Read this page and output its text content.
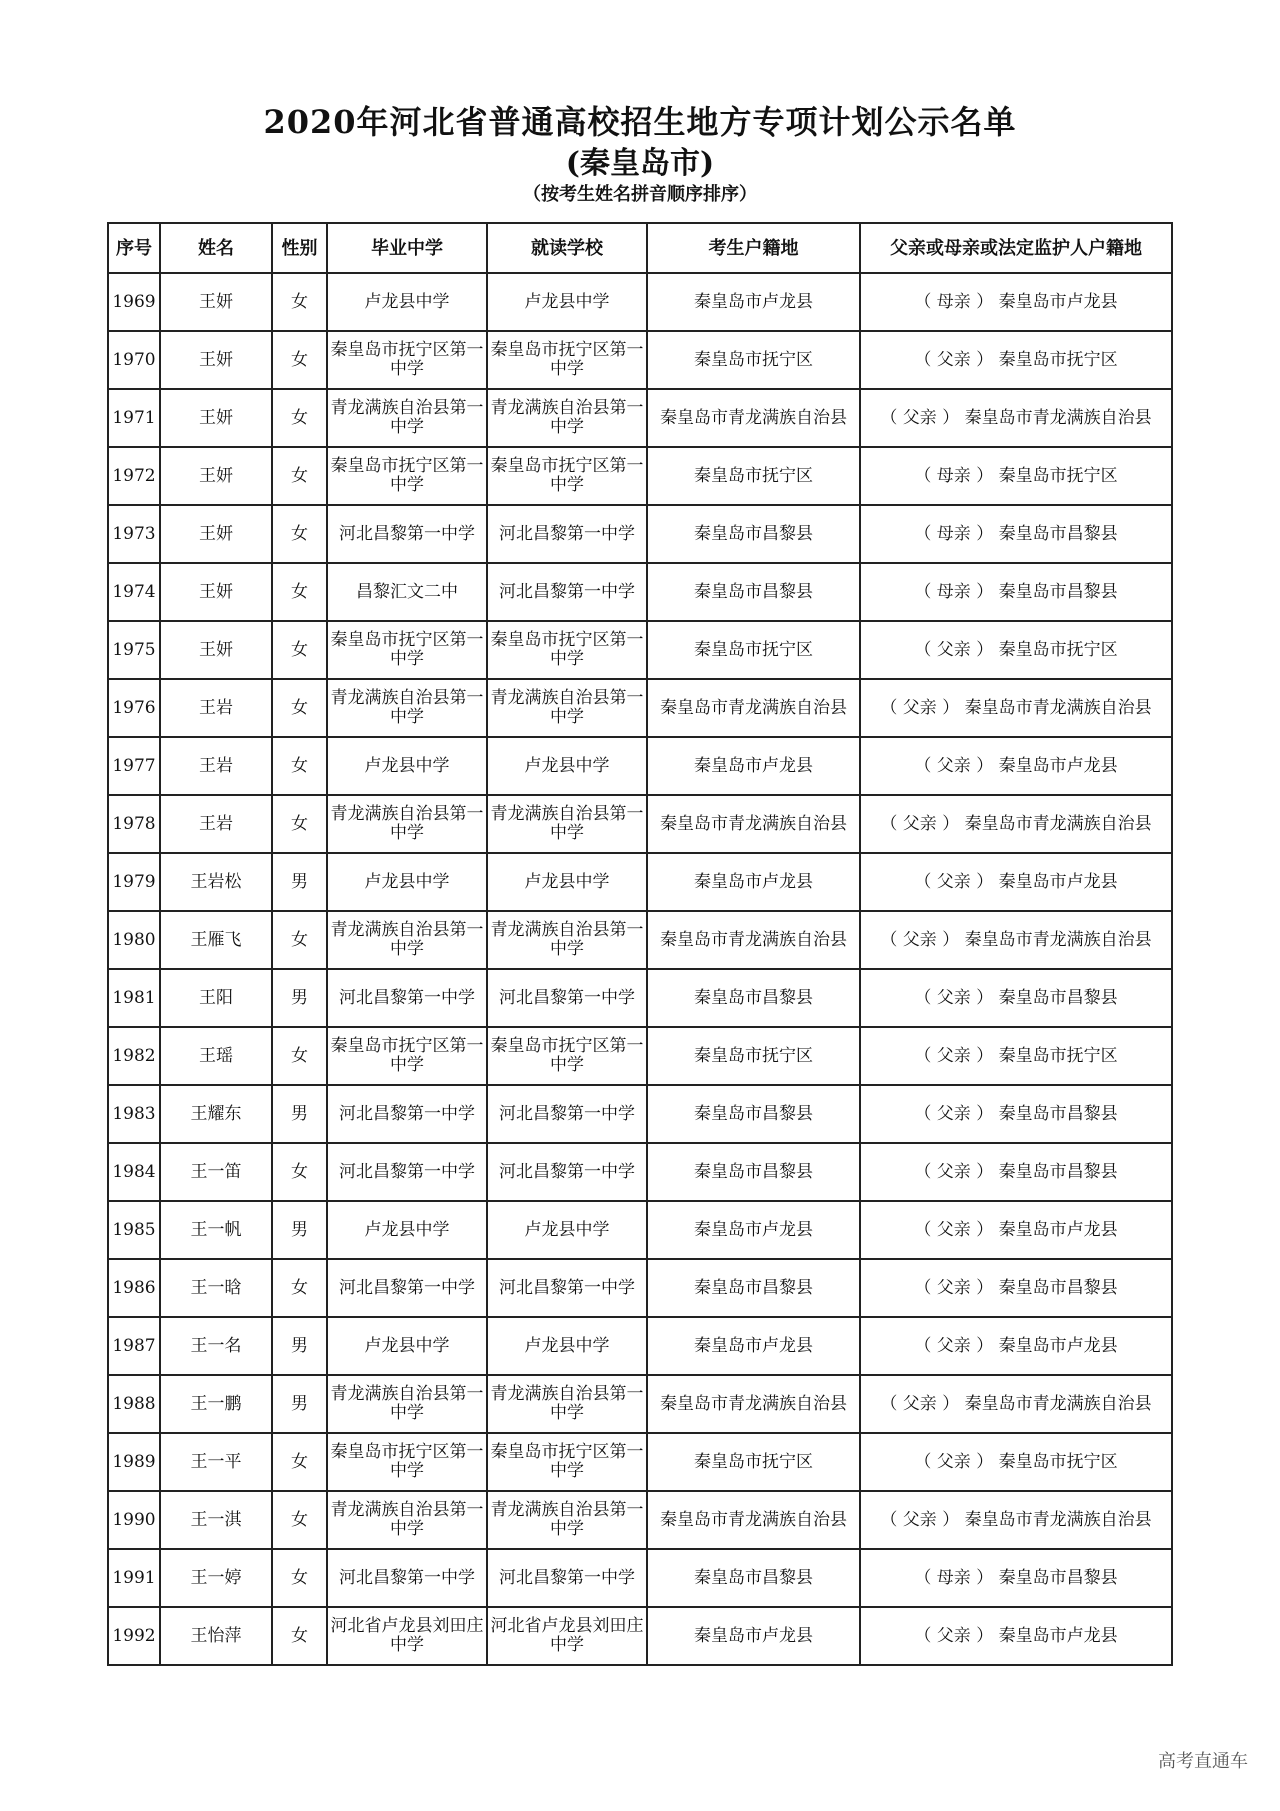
2020年河北省普通高校招生地方专项计划公示名单
(秦皇岛市)
（按考生姓名拼音顺序排序）
序号	姓名	性别	毕业中学	就读学校	考生户籍地	父亲或母亲或法定监护人户籍地
1969	王妍	女	卢龙县中学	卢龙县中学	秦皇岛市卢龙县	（ 母亲 ） 秦皇岛市卢龙县
1970	王妍	女	秦皇岛市抚宁区第一中学	秦皇岛市抚宁区第一中学	秦皇岛市抚宁区	（ 父亲 ） 秦皇岛市抚宁区
1971	王妍	女	青龙满族自治县第一中学	青龙满族自治县第一中学	秦皇岛市青龙满族自治县	（ 父亲 ） 秦皇岛市青龙满族自治县
1972	王妍	女	秦皇岛市抚宁区第一中学	秦皇岛市抚宁区第一中学	秦皇岛市抚宁区	（ 母亲 ） 秦皇岛市抚宁区
1973	王妍	女	河北昌黎第一中学	河北昌黎第一中学	秦皇岛市昌黎县	（ 母亲 ） 秦皇岛市昌黎县
1974	王妍	女	昌黎汇文二中	河北昌黎第一中学	秦皇岛市昌黎县	（ 母亲 ） 秦皇岛市昌黎县
1975	王妍	女	秦皇岛市抚宁区第一中学	秦皇岛市抚宁区第一中学	秦皇岛市抚宁区	（ 父亲 ） 秦皇岛市抚宁区
1976	王岩	女	青龙满族自治县第一中学	青龙满族自治县第一中学	秦皇岛市青龙满族自治县	（ 父亲 ） 秦皇岛市青龙满族自治县
1977	王岩	女	卢龙县中学	卢龙县中学	秦皇岛市卢龙县	（ 父亲 ） 秦皇岛市卢龙县
1978	王岩	女	青龙满族自治县第一中学	青龙满族自治县第一中学	秦皇岛市青龙满族自治县	（ 父亲 ） 秦皇岛市青龙满族自治县
1979	王岩松	男	卢龙县中学	卢龙县中学	秦皇岛市卢龙县	（ 父亲 ） 秦皇岛市卢龙县
1980	王雁飞	女	青龙满族自治县第一中学	青龙满族自治县第一中学	秦皇岛市青龙满族自治县	（ 父亲 ） 秦皇岛市青龙满族自治县
1981	王阳	男	河北昌黎第一中学	河北昌黎第一中学	秦皇岛市昌黎县	（ 父亲 ） 秦皇岛市昌黎县
1982	王瑶	女	秦皇岛市抚宁区第一中学	秦皇岛市抚宁区第一中学	秦皇岛市抚宁区	（ 父亲 ） 秦皇岛市抚宁区
1983	王耀东	男	河北昌黎第一中学	河北昌黎第一中学	秦皇岛市昌黎县	（ 父亲 ） 秦皇岛市昌黎县
1984	王一笛	女	河北昌黎第一中学	河北昌黎第一中学	秦皇岛市昌黎县	（ 父亲 ） 秦皇岛市昌黎县
1985	王一帆	男	卢龙县中学	卢龙县中学	秦皇岛市卢龙县	（ 父亲 ） 秦皇岛市卢龙县
1986	王一晗	女	河北昌黎第一中学	河北昌黎第一中学	秦皇岛市昌黎县	（ 父亲 ） 秦皇岛市昌黎县
1987	王一名	男	卢龙县中学	卢龙县中学	秦皇岛市卢龙县	（ 父亲 ） 秦皇岛市卢龙县
1988	王一鹏	男	青龙满族自治县第一中学	青龙满族自治县第一中学	秦皇岛市青龙满族自治县	（ 父亲 ） 秦皇岛市青龙满族自治县
1989	王一平	女	秦皇岛市抚宁区第一中学	秦皇岛市抚宁区第一中学	秦皇岛市抚宁区	（ 父亲 ） 秦皇岛市抚宁区
1990	王一淇	女	青龙满族自治县第一中学	青龙满族自治县第一中学	秦皇岛市青龙满族自治县	（ 父亲 ） 秦皇岛市青龙满族自治县
1991	王一婷	女	河北昌黎第一中学	河北昌黎第一中学	秦皇岛市昌黎县	（ 母亲 ） 秦皇岛市昌黎县
1992	王怡萍	女	河北省卢龙县刘田庄中学	河北省卢龙县刘田庄中学	秦皇岛市卢龙县	（ 父亲 ） 秦皇岛市卢龙县
高考直通车
